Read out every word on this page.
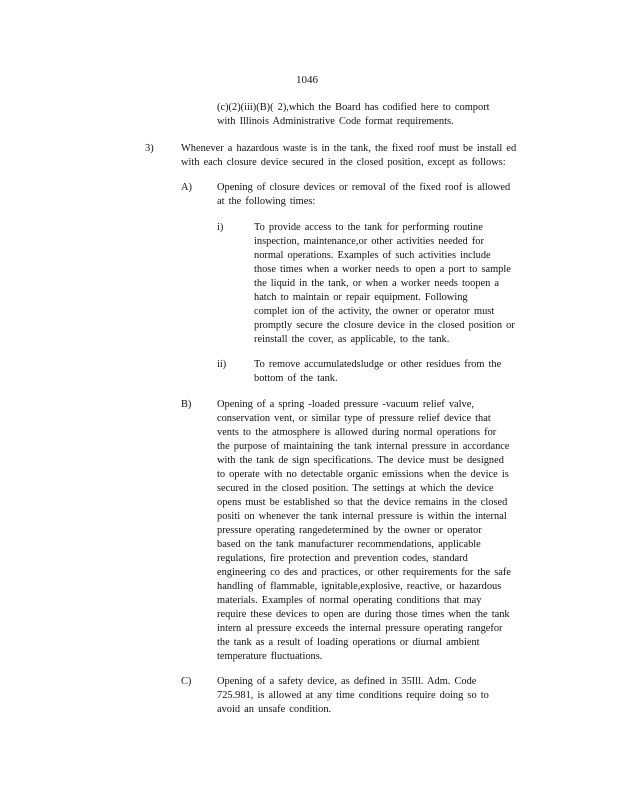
1046
(c)(2)(iii)(B)( 2),which the Board has codified here to comport
with Illinois Administrative Code format requirements.
3)	Whenever a hazardous waste is in the tank, the fixed roof must be install ed
with each closure device secured in the closed position, except as follows:
A) Opening of closure devices or removal of the fixed roof is allowed
at the following times:
i)	To provide access to the tank for performing routine
inspection, maintenance,or other activities needed for
normal operations. Examples of such activities include
those times when a worker needs to open a port to sample
the liquid in the tank, or when a worker needs toopen a
hatch to maintain or repair equipment. Following
complet ion of the activity, the owner or operator must
promptly secure the closure device in the closed position or
reinstall the cover, as applicable, to the tank.
ii)	To remove accumulatedsludge or other residues from the
bottom of the tank.
B) Opening of a spring -loaded pressure -vacuum relief valve,
conservation vent, or similar type of pressure relief device that
vents to the atmosphere is allowed during normal operations for
the purpose of maintaining the tank internal pressure in accordance
with the tank de sign specifications. The device must be designed
to operate with no detectable organic emissions when the device is
secured in the closed position. The settings at which the device
opens must be established so that the device remains in the closed
positi on whenever the tank internal pressure is within the internal
pressure operating rangedetermined by the owner or operator
based on the tank manufacturer recommendations, applicable
regulations, fire protection and prevention codes, standard
engineering co des and practices, or other requirements for the safe
handling of flammable, ignitable,explosive, reactive, or hazardous
materials. Examples of normal operating conditions that may
require these devices to open are during those times when the tank
intern al pressure exceeds the internal pressure operating rangefor
the tank as a result of loading operations or diurnal ambient
temperature fluctuations.
C) Opening of a safety device, as defined in 35Ill. Adm. Code
725.981, is allowed at any time conditions require doing so to
avoid an unsafe condition.
